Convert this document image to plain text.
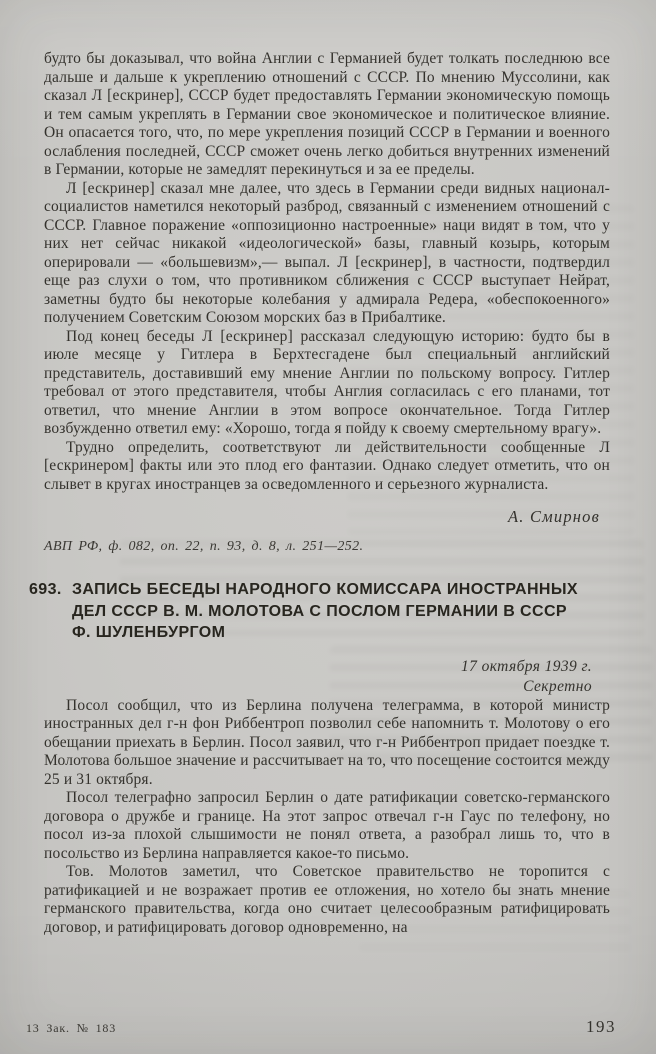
будто бы доказывал, что война Англии с Германией будет толкать последнюю все дальше и дальше к укреплению отношений с СССР. По мнению Муссолини, как сказал Л [ескринер], СССР будет предоставлять Германии экономическую помощь и тем самым укреплять в Германии свое экономическое и политическое влияние. Он опасается того, что, по мере укрепления позиций СССР в Германии и военного ослабления последней, СССР сможет очень легко добиться внутренних изменений в Германии, которые не замедлят перекинуться и за ее пределы.

Л [ескринер] сказал мне далее, что здесь в Германии среди видных национал-социалистов наметился некоторый разброд, связанный с изменением отношений с СССР. Главное поражение «оппозиционно настроенные» наци видят в том, что у них нет сейчас никакой «идеологической» базы, главный козырь, которым оперировали — «большевизм»,— выпал. Л [ескринер], в частности, подтвердил еще раз слухи о том, что противником сближения с СССР выступает Нейрат, заметны будто бы некоторые колебания у адмирала Редера, «обеспокоенного» получением Советским Союзом морских баз в Прибалтике.

Под конец беседы Л [ескринер] рассказал следующую историю: будто бы в июле месяце у Гитлера в Берхтесгадене был специальный английский представитель, доставивший ему мнение Англии по польскому вопросу. Гитлер требовал от этого представителя, чтобы Англия согласилась с его планами, тот ответил, что мнение Англии в этом вопросе окончательное. Тогда Гитлер возбужденно ответил ему: «Хорошо, тогда я пойду к своему смертельному врагу».

Трудно определить, соответствуют ли действительности сообщенные Л [ескринером] факты или это плод его фантазии. Однако следует отметить, что он слывет в кругах иностранцев за осведомленного и серьезного журналиста.

А. Смирнов
АВП РФ, ф. 082, оп. 22, п. 93, д. 8, л. 251—252.
693. ЗАПИСЬ БЕСЕДЫ НАРОДНОГО КОМИССАРА ИНОСТРАННЫХ
ДЕЛ СССР В. М. МОЛОТОВА С ПОСЛОМ ГЕРМАНИИ В СССР
Ф. ШУЛЕНБУРГОМ
17 октября 1939 г.
Секретно

Посол сообщил, что из Берлина получена телеграмма, в которой министр иностранных дел г-н фон Риббентроп позволил себе напомнить т. Молотову о его обещании приехать в Берлин. Посол заявил, что г-н Риббентроп придает поездке т. Молотова большое значение и рассчитывает на то, что посещение состоится между 25 и 31 октября.

Посол телеграфно запросил Берлин о дате ратификации советско-германского договора о дружбе и границе. На этот запрос отвечал г-н Гаус по телефону, но посол из-за плохой слышимости не понял ответа, а разобрал лишь то, что в посольство из Берлина направляется какое-то письмо.

Тов. Молотов заметил, что Советское правительство не торопится с ратификацией и не возражает против ее отложения, но хотело бы знать мнение германского правительства, когда оно считает целесообразным ратифицировать договор, и ратифицировать договор одновременно, на

13 Зак. № 183	193
